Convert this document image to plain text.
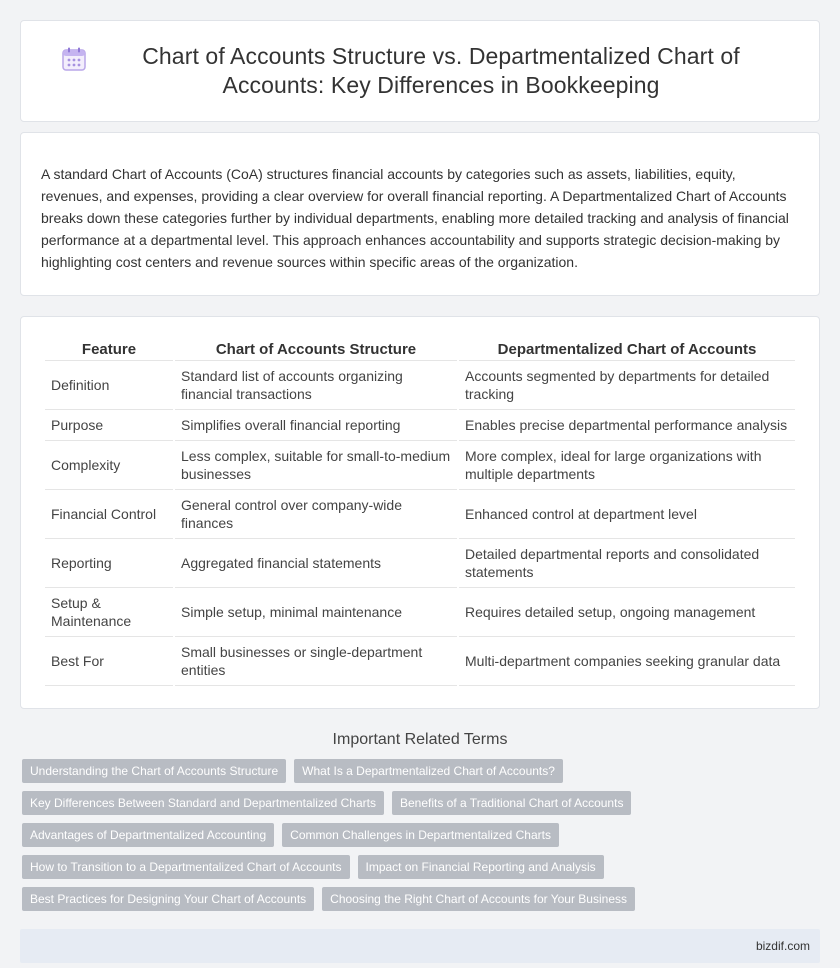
Chart of Accounts Structure vs. Departmentalized Chart of Accounts: Key Differences in Bookkeeping

A standard Chart of Accounts (CoA) structures financial accounts by categories such as assets, liabilities, equity, revenues, and expenses, providing a clear overview for overall financial reporting. A Departmentalized Chart of Accounts breaks down these categories further by individual departments, enabling more detailed tracking and analysis of financial performance at a departmental level. This approach enhances accountability and supports strategic decision-making by highlighting cost centers and revenue sources within specific areas of the organization.

Feature	Chart of Accounts Structure	Departmentalized Chart of Accounts
Definition	Standard list of accounts organizing financial transactions	Accounts segmented by departments for detailed tracking
Purpose	Simplifies overall financial reporting	Enables precise departmental performance analysis
Complexity	Less complex, suitable for small-to-medium businesses	More complex, ideal for large organizations with multiple departments
Financial Control	General control over company-wide finances	Enhanced control at department level
Reporting	Aggregated financial statements	Detailed departmental reports and consolidated statements
Setup & Maintenance	Simple setup, minimal maintenance	Requires detailed setup, ongoing management
Best For	Small businesses or single-department entities	Multi-department companies seeking granular data
Important Related Terms
Understanding the Chart of Accounts Structure	What Is a Departmentalized Chart of Accounts?
Key Differences Between Standard and Departmentalized Charts	Benefits of a Traditional Chart of Accounts
Advantages of Departmentalized Accounting	Common Challenges in Departmentalized Charts
How to Transition to a Departmentalized Chart of Accounts	Impact on Financial Reporting and Analysis
Best Practices for Designing Your Chart of Accounts	Choosing the Right Chart of Accounts for Your Business
bizdif.com
